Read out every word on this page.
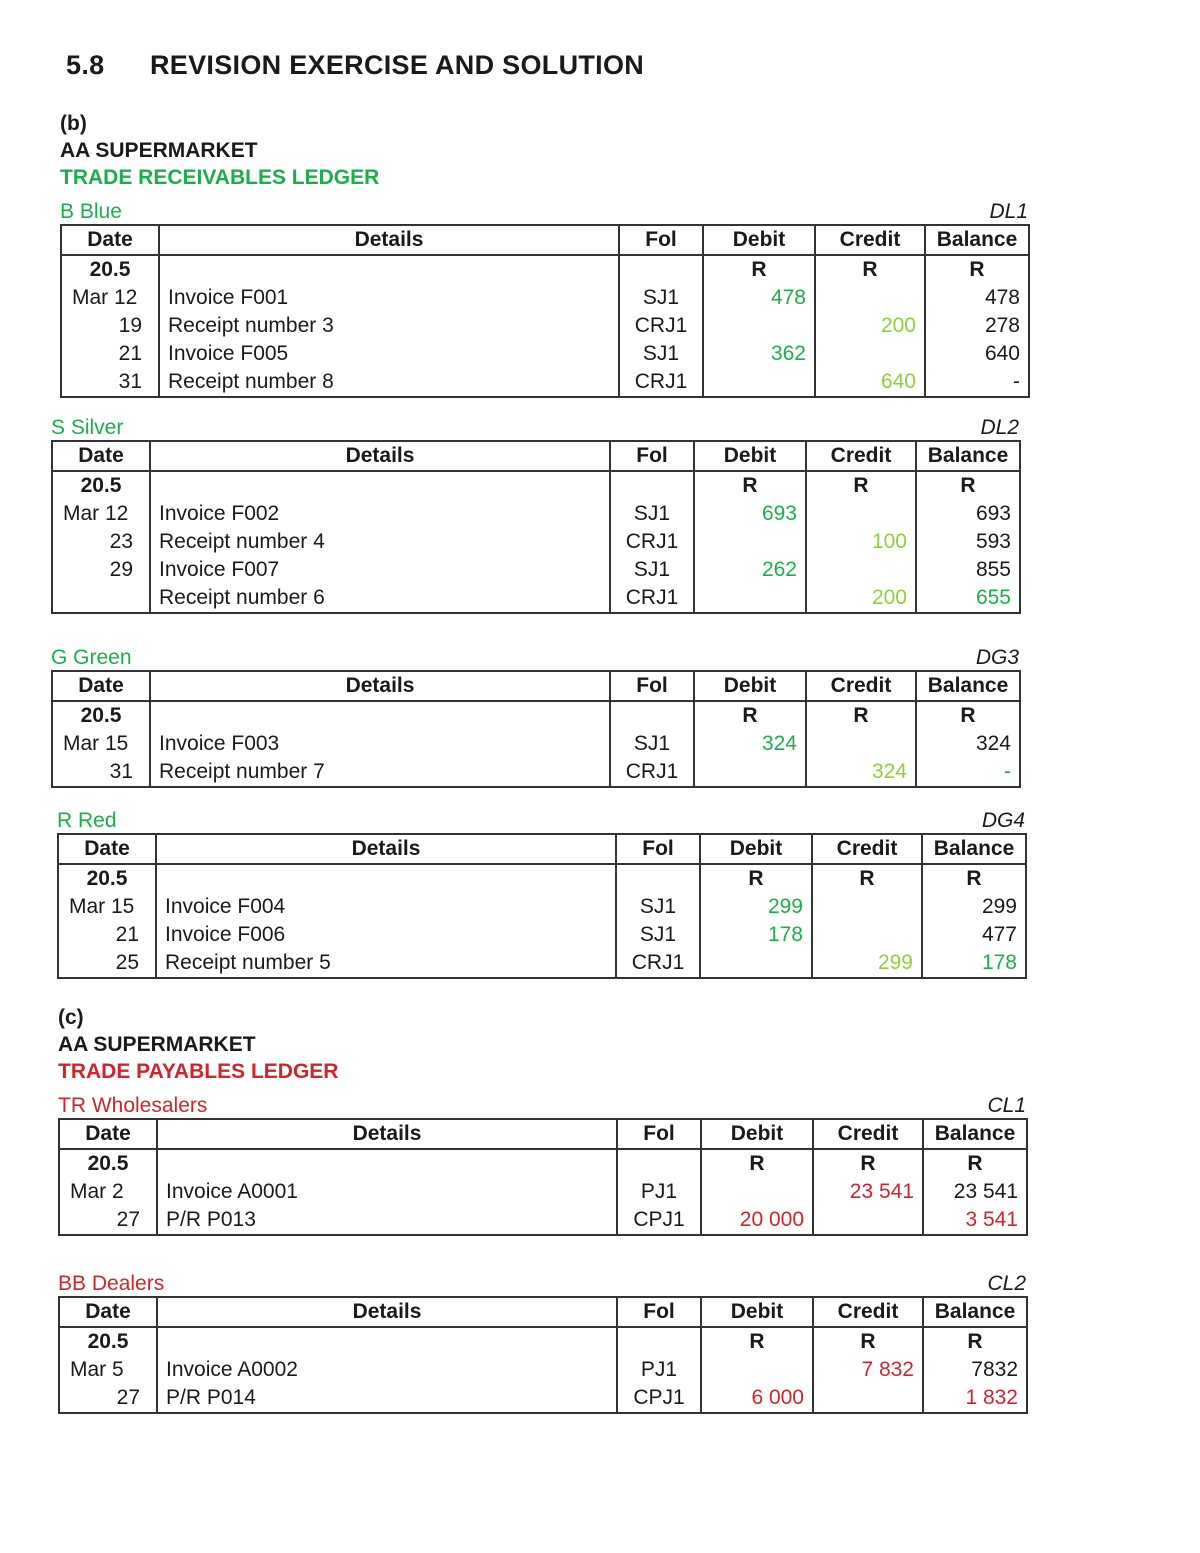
5.8 REVISION EXERCISE AND SOLUTION
(b)
AA SUPERMARKET
TRADE RECEIVABLES LEDGER
(c)
AA SUPERMARKET
TRADE PAYABLES LEDGER
B Blue	DL1
Date	Details	Fol	Debit	Credit	Balance
20.5			R	R	R
Mar 12	Invoice F001	SJ1	478		478
19	Receipt number 3	CRJ1		200	278
21	Invoice F005	SJ1	362		640
31	Receipt number 8	CRJ1		640	-
S Silver	DL2
Date	Details	Fol	Debit	Credit	Balance
20.5			R	R	R
Mar 12	Invoice F002	SJ1	693		693
23	Receipt number 4	CRJ1		100	593
29	Invoice F007	SJ1	262		855
	Receipt number 6	CRJ1		200	655
G Green	DG3
Date	Details	Fol	Debit	Credit	Balance
20.5			R	R	R
Mar 15	Invoice F003	SJ1	324		324
31	Receipt number 7	CRJ1		324	-
R Red	DG4
Date	Details	Fol	Debit	Credit	Balance
20.5			R	R	R
Mar 15	Invoice F004	SJ1	299		299
21	Invoice F006	SJ1	178		477
25	Receipt number 5	CRJ1		299	178
TR Wholesalers	CL1
Date	Details	Fol	Debit	Credit	Balance
20.5			R	R	R
Mar 2	Invoice A0001	PJ1		23 541	23 541
27	P/R P013	CPJ1	20 000		3 541
BB Dealers	CL2
Date	Details	Fol	Debit	Credit	Balance
20.5			R	R	R
Mar 5	Invoice A0002	PJ1		7 832	7832
27	P/R P014	CPJ1	6 000		1 832
